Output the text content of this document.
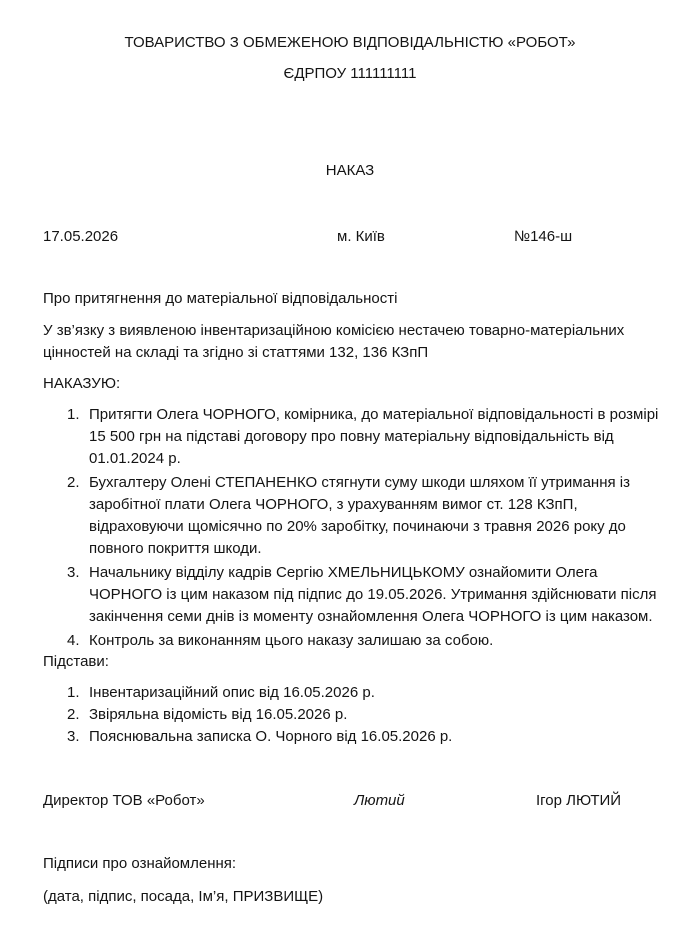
ТОВАРИСТВО З ОБМЕЖЕНОЮ ВІДПОВІДАЛЬНІСТЮ «РОБОТ»
ЄДРПОУ 111111111
НАКАЗ
17.05.2026	м. Київ	№146-ш
Про притягнення до матеріальної відповідальності
У зв’язку з виявленою інвентаризаційною комісією нестачею товарно-матеріальних цінностей на складі та згідно зі статтями 132, 136 КЗпП
НАКАЗУЮ:
1. Притягти Олега ЧОРНОГО, комірника, до матеріальної відповідальності в розмірі 15 500 грн на підставі договору про повну матеріальну відповідальність від 01.01.2024 р.
2. Бухгалтеру Олені СТЕПАНЕНКО стягнути суму шкоди шляхом її утримання із заробітної плати Олега ЧОРНОГО, з урахуванням вимог ст. 128 КЗпП, відраховуючи щомісячно по 20% заробітку, починаючи з травня 2026 року до повного покриття шкоди.
3. Начальнику відділу кадрів Сергію ХМЕЛЬНИЦЬКОМУ ознайомити Олега ЧОРНОГО із цим наказом під підпис до 19.05.2026. Утримання здійснювати після закінчення семи днів із моменту ознайомлення Олега ЧОРНОГО із цим наказом.
4. Контроль за виконанням цього наказу залишаю за собою.
Підстави:
1. Інвентаризаційний опис від 16.05.2026 р.
2. Звіряльна відомість від 16.05.2026 р.
3. Пояснювальна записка О. Чорного від 16.05.2026 р.
Директор ТОВ «Робот»	Лютий	Ігор ЛЮТИЙ
Підписи про ознайомлення:
(дата, підпис, посада, Ім’я, ПРИЗВИЩЕ)
